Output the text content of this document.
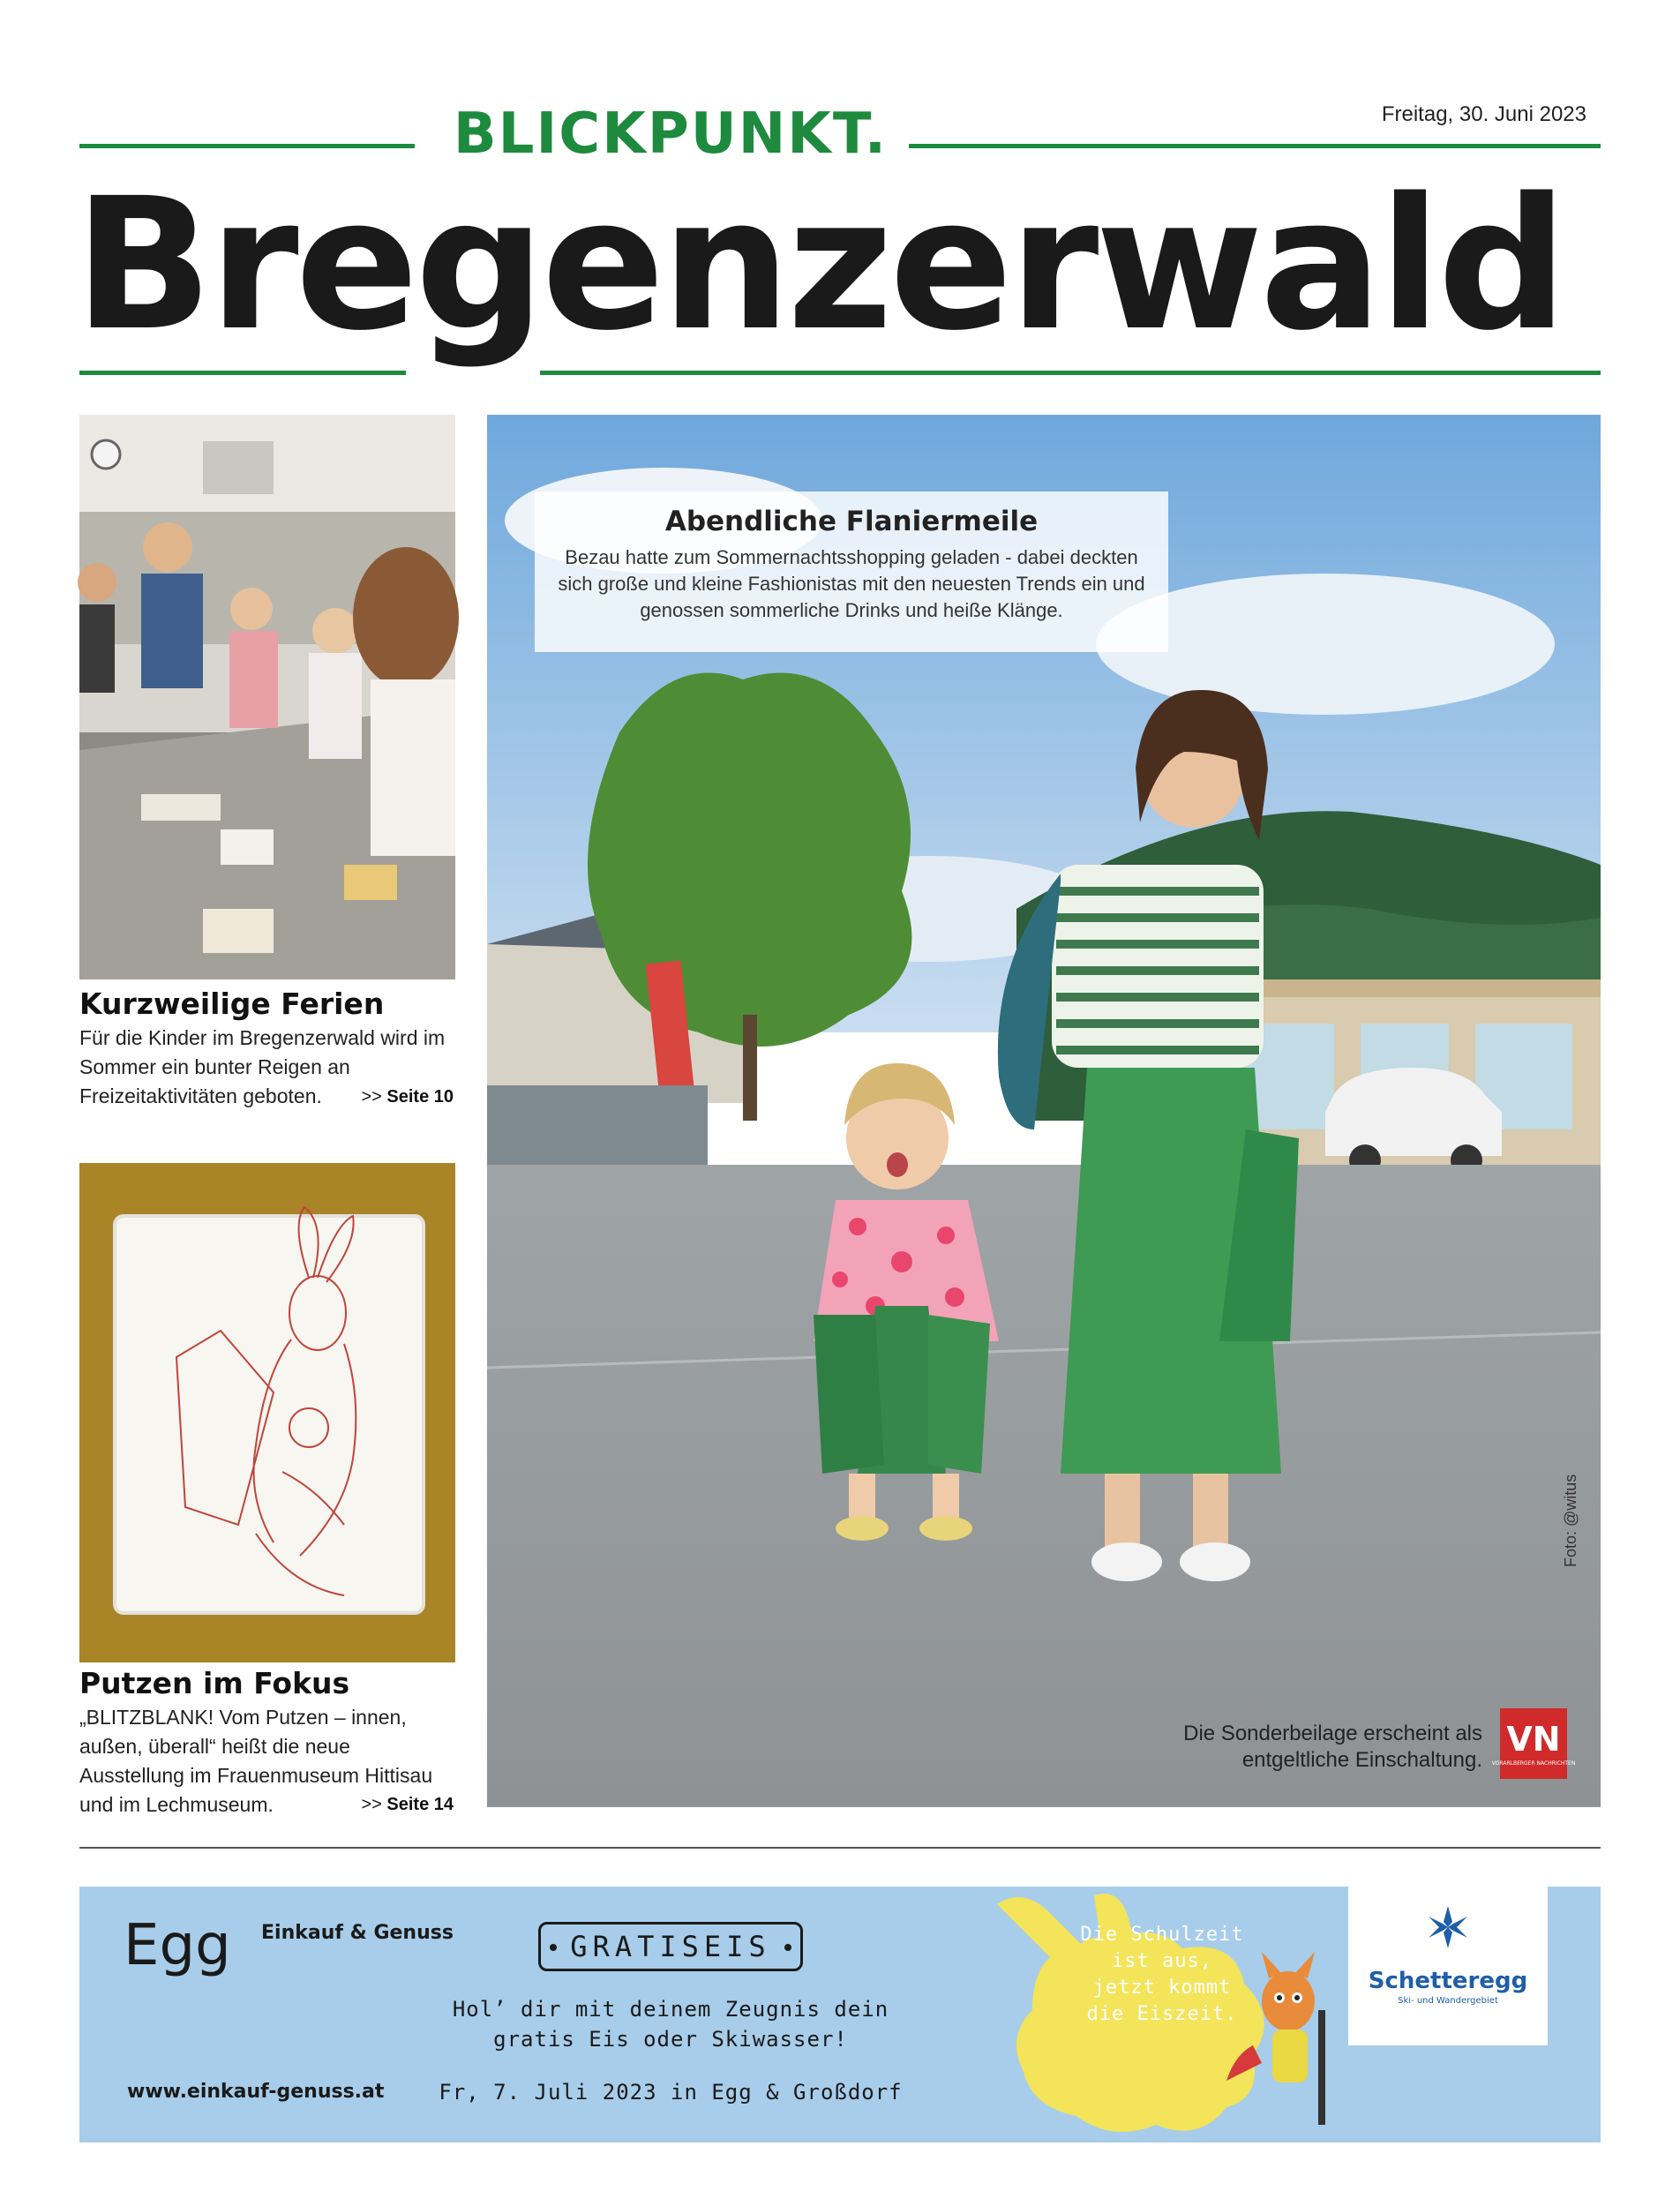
BLICKPUNKT.	Freitag, 30. Juni 2023
Bregenzerwald
Kurzweilige Ferien
Für die Kinder im Bregenzerwald wird im Sommer ein bunter Reigen an Freizeitaktivitäten geboten.	>> Seite 10
Putzen im Fokus
„BLITZBLANK! Vom Putzen – innen, außen, überall“ heißt die neue Ausstellung im Frauenmuseum Hittisau und im Lechmuseum.	>> Seite 14
Abendliche Flaniermeile
Bezau hatte zum Sommernachtsshopping geladen - dabei deckten sich große und kleine Fashionistas mit den neuesten Trends ein und genossen sommerliche Drinks und heiße Klänge.
Foto: @witus
Die Sonderbeilage erscheint als entgeltliche Einschaltung.
VN
VORARLBERGER NACHRICHTEN
Egg Einkauf & Genuss
www.einkauf-genuss.at
GRATISEIS
Hol’ dir mit deinem Zeugnis dein
gratis Eis oder Skiwasser!
Fr, 7. Juli 2023 in Egg & Großdorf
Die Schulzeit ist aus, jetzt kommt die Eiszeit.
Schetteregg
Ski- und Wandergebiet
